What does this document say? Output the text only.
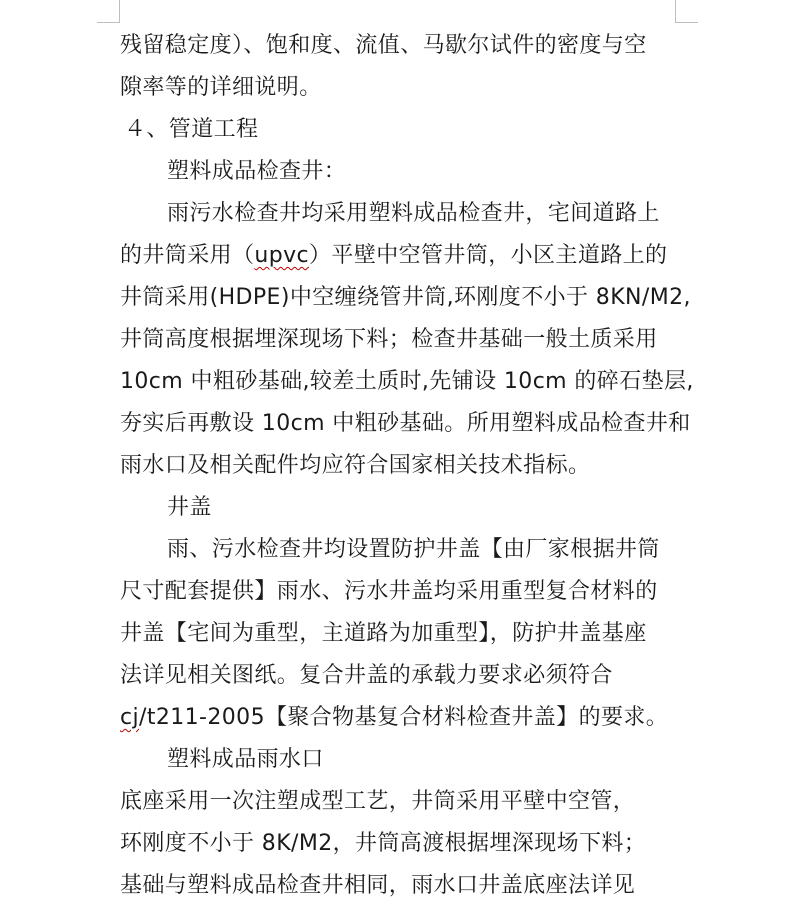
残留稳定度）、饱和度、流值、马歇尔试件的密度与空
隙率等的详细说明。
４、管道工程
塑料成品检查井：
雨污水检查井均采用塑料成品检查井，宅间道路上
的井筒采用（upvc）平壁中空管井筒，小区主道路上的
井筒采用(HDPE)中空缠绕管井筒,环刚度不小于 8KN/M2,
井筒高度根据埋深现场下料；检查井基础一般土质采用
10cm 中粗砂基础,较差土质时,先铺设 10cm 的碎石垫层,
夯实后再敷设 10cm 中粗砂基础。所用塑料成品检查井和
雨水口及相关配件均应符合国家相关技术指标。
井盖
雨、污水检查井均设置防护井盖【由厂家根据井筒
尺寸配套提供】雨水、污水井盖均采用重型复合材料的
井盖【宅间为重型，主道路为加重型】，防护井盖基座
法详见相关图纸。复合井盖的承载力要求必须符合
cj/t211-2005【聚合物基复合材料检查井盖】的要求。
塑料成品雨水口
底座采用一次注塑成型工艺，井筒采用平壁中空管，
环刚度不小于 8K/M2，井筒高渡根据埋深现场下料；
基础与塑料成品检查井相同，雨水口井盖底座法详见
